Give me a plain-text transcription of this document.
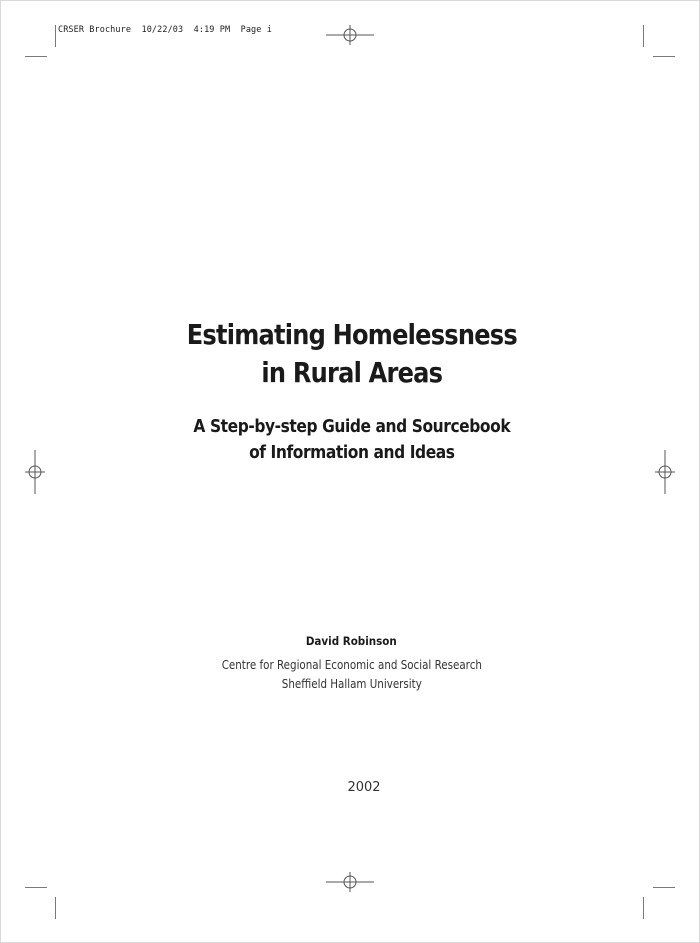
CRSER Brochure  10/22/03  4:19 PM  Page i
Estimating Homelessness
in Rural Areas
A Step-by-step Guide and Sourcebook
of Information and Ideas
David Robinson
Centre for Regional Economic and Social Research
Sheffield Hallam University
2002
